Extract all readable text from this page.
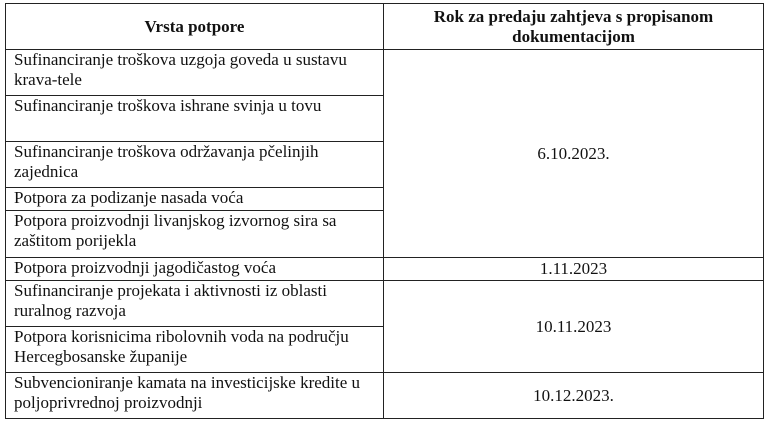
Vrsta potpore	Rok za predaju zahtjeva s propisanom dokumentacijom
Sufinanciranje troškova uzgoja goveda u sustavu krava-tele	6.10.2023.
Sufinanciranje troškova ishrane svinja u tovu	
Sufinanciranje troškova održavanja pčelinjih zajednica	
Potpora za podizanje nasada voća	
Potpora proizvodnji livanjskog izvornog sira sa zaštitom porijekla	
Potpora proizvodnji jagodičastog voća	1.11.2023
Sufinanciranje projekata i aktivnosti iz oblasti ruralnog razvoja	10.11.2023
Potpora korisnicima ribolovnih voda na području Hercegbosanske županije	
Subvencioniranje kamata na investicijske kredite u poljoprivrednoj proizvodnji	10.12.2023.
